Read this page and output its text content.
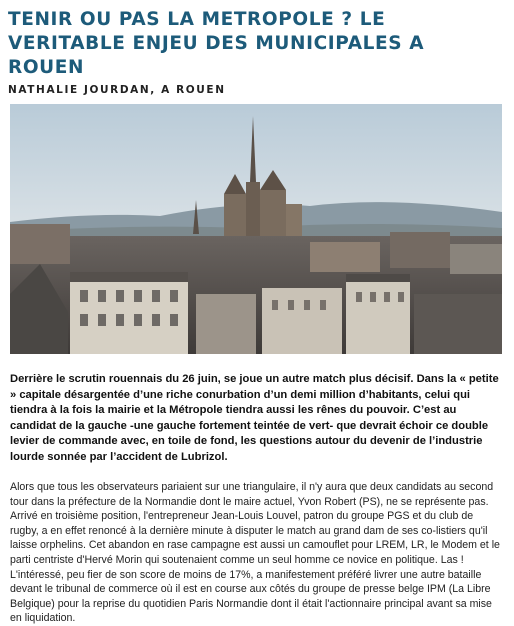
TENIR OU PAS LA METROPOLE ? LE VERITABLE ENJEU DES MUNICIPALES A ROUEN
NATHALIE JOURDAN, A ROUEN

Derrière le scrutin rouennais du 26 juin, se joue un autre match plus décisif. Dans la « petite » capitale désargentée d’une riche conurbation d’un demi million d’habitants, celui qui tiendra à la fois la mairie et la Métropole tiendra aussi les rênes du pouvoir. C’est au candidat de la gauche -une gauche fortement teintée de vert- que devrait échoir ce double levier de commande avec, en toile de fond, les questions autour du devenir de l’industrie lourde sonnée par l’accident de Lubrizol.

Alors que tous les observateurs pariaient sur une triangulaire, il n'y aura que deux candidats au second tour dans la préfecture de la Normandie dont le maire actuel, Yvon Robert (PS), ne se représente pas. Arrivé en troisième position, l'entrepreneur Jean-Louis Louvel, patron du groupe PGS et du club de rugby, a en effet renoncé à la dernière minute à disputer le match au grand dam de ses co-listiers qu'il laisse orphelins. Cet abandon en rase campagne est aussi un camouflet pour LREM, LR, le Modem et le parti centriste d'Hervé Morin qui soutenaient comme un seul homme ce novice en politique. Las ! L'intéressé, peu fier de son score de moins de 17%, a manifestement préféré livrer une autre bataille devant le tribunal de commerce où il est en course aux côtés du groupe de presse belge IPM (La Libre Belgique) pour la reprise du quotidien Paris Normandie dont il était l'actionnaire principal avant sa mise en liquidation.
